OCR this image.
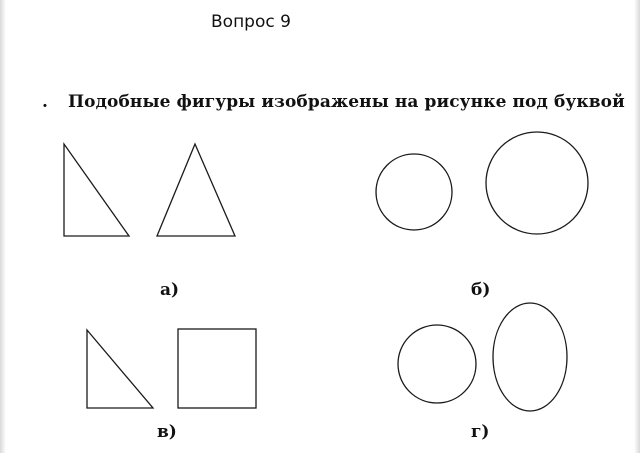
Вопрос 9
. Подобные фигуры изображены на рисунке под буквой
а)	б)
в)	г)
